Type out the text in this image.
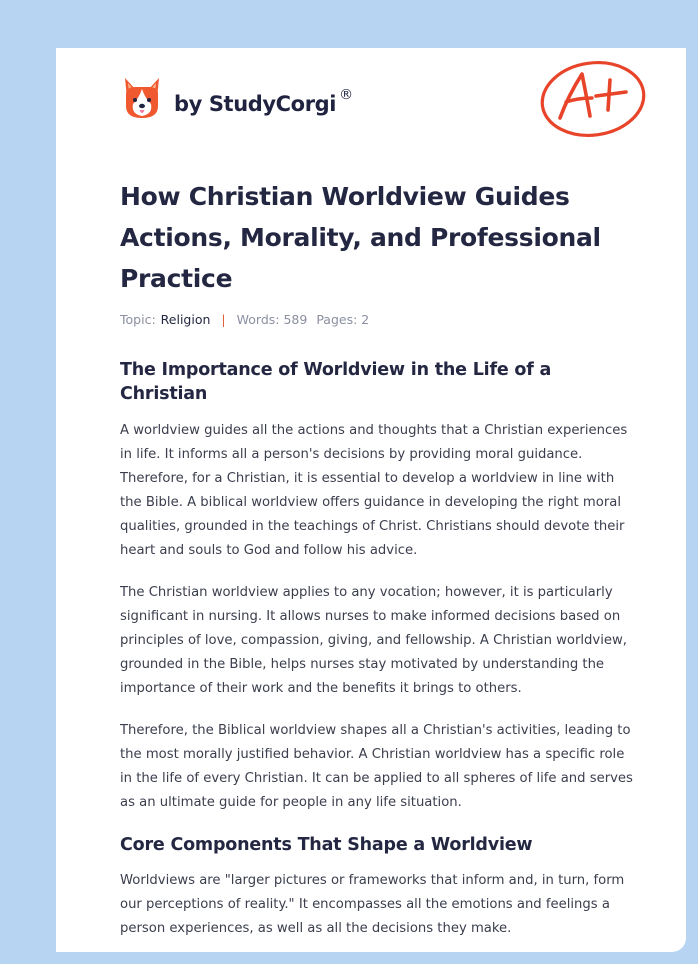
by StudyCorgi ®
How Christian Worldview Guides Actions, Morality, and Professional Practice
Topic: Religion | Words: 589 Pages: 2
The Importance of Worldview in the Life of a Christian

A worldview guides all the actions and thoughts that a Christian experiences in life. It informs all a person's decisions by providing moral guidance. Therefore, for a Christian, it is essential to develop a worldview in line with the Bible. A biblical worldview offers guidance in developing the right moral qualities, grounded in the teachings of Christ. Christians should devote their heart and souls to God and follow his advice.

The Christian worldview applies to any vocation; however, it is particularly significant in nursing. It allows nurses to make informed decisions based on principles of love, compassion, giving, and fellowship. A Christian worldview, grounded in the Bible, helps nurses stay motivated by understanding the importance of their work and the benefits it brings to others.

Therefore, the Biblical worldview shapes all a Christian's activities, leading to the most morally justified behavior. A Christian worldview has a specific role in the life of every Christian. It can be applied to all spheres of life and serves as an ultimate guide for people in any life situation.

Core Components That Shape a Worldview

Worldviews are "larger pictures or frameworks that inform and, in turn, form our perceptions of reality." It encompasses all the emotions and feelings a person experiences, as well as all the decisions they make.
